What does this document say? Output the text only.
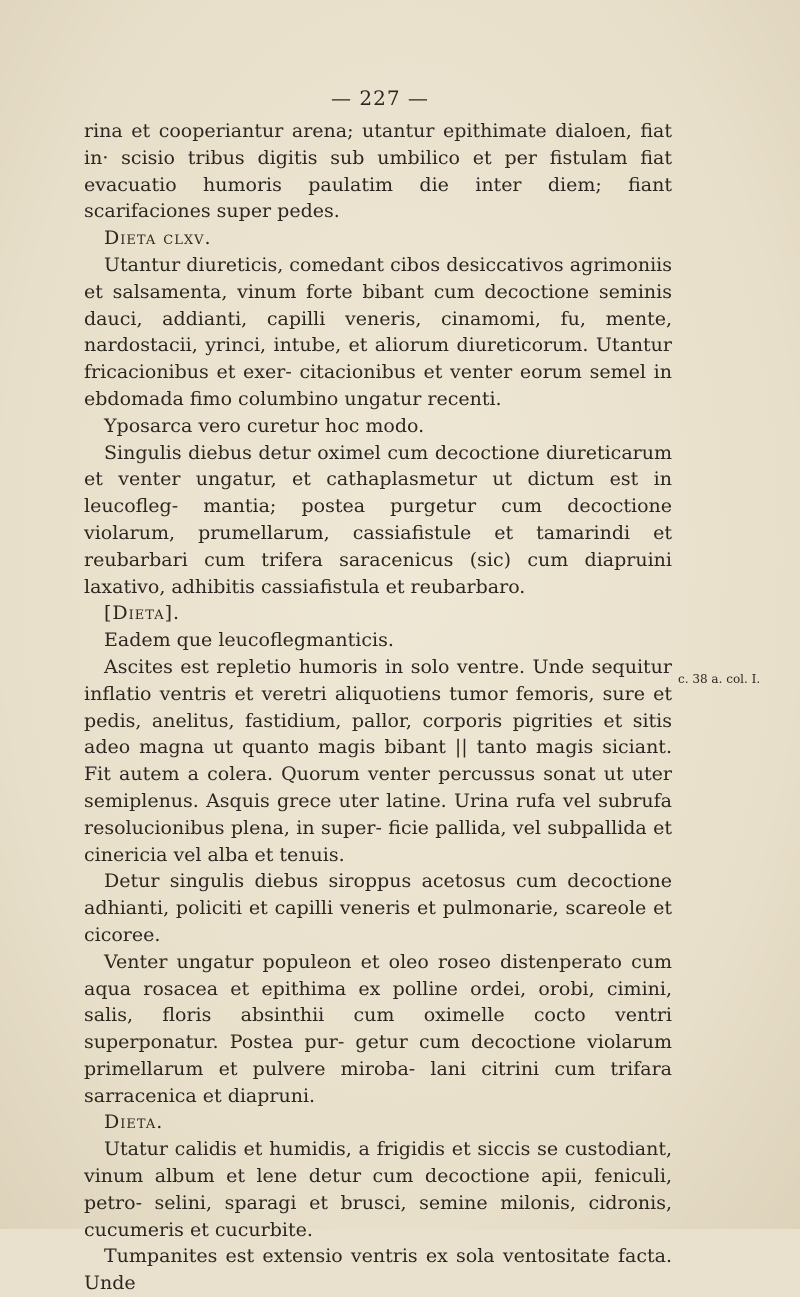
— 227 —

rina et cooperiantur arena; utantur epithimate dialoen, fiat in· scisio tribus digitis sub umbilico et per fistulam fiat evacuatio humoris paulatim die inter diem; fiant scarifaciones super pedes.

Dieta clxv.

Utantur diureticis, comedant cibos desiccativos agrimoniis et salsamenta, vinum forte bibant cum decoctione seminis dauci, addianti, capilli veneris, cinamomi, fu, mente, nardostacii, yrinci, intube, et aliorum diureticorum. Utantur fricacionibus et exer- citacionibus et venter eorum semel in ebdomada fimo columbino ungatur recenti.

Yposarca vero curetur hoc modo.

Singulis diebus detur oximel cum decoctione diureticarum et venter ungatur, et cathaplasmetur ut dictum est in leucofleg- mantia; postea purgetur cum decoctione violarum, prumellarum, cassiafistule et tamarindi et reubarbari cum trifera saracenicus (sic) cum diapruini laxativo, adhibitis cassiafistula et reubarbaro.

[Dieta].

Eadem que leucoflegmanticis.

Ascites est repletio humoris in solo ventre. Unde sequitur inflatio ventris et veretri aliquotiens tumor femoris, sure et pedis, anelitus, fastidium, pallor, corporis pigrities et sitis adeo magna ut quanto magis bibant || tanto magis siciant. Fit autem a colera. Quorum venter percussus sonat ut uter semiplenus. Asquis grece uter latine. Urina rufa vel subrufa resolucionibus plena, in super- ficie pallida, vel subpallida et cinericia vel alba et tenuis.

Detur singulis diebus siroppus acetosus cum decoctione adhianti, policiti et capilli veneris et pulmonarie, scareole et cicoree.

Venter ungatur populeon et oleo roseo distenperato cum aqua rosacea et epithima ex polline ordei, orobi, cimini, salis, floris absinthii cum oximelle cocto ventri superponatur. Postea pur- getur cum decoctione violarum primellarum et pulvere miroba- lani citrini cum trifara sarracenica et diapruni.

Dieta.

Utatur calidis et humidis, a frigidis et siccis se custodiant, vinum album et lene detur cum decoctione apii, feniculi, petro- selini, sparagi et brusci, semine milonis, cidronis, cucumeris et cucurbite.

Tumpanites est extensio ventris ex sola ventositate facta. Unde

c. 38 a. col. I.
